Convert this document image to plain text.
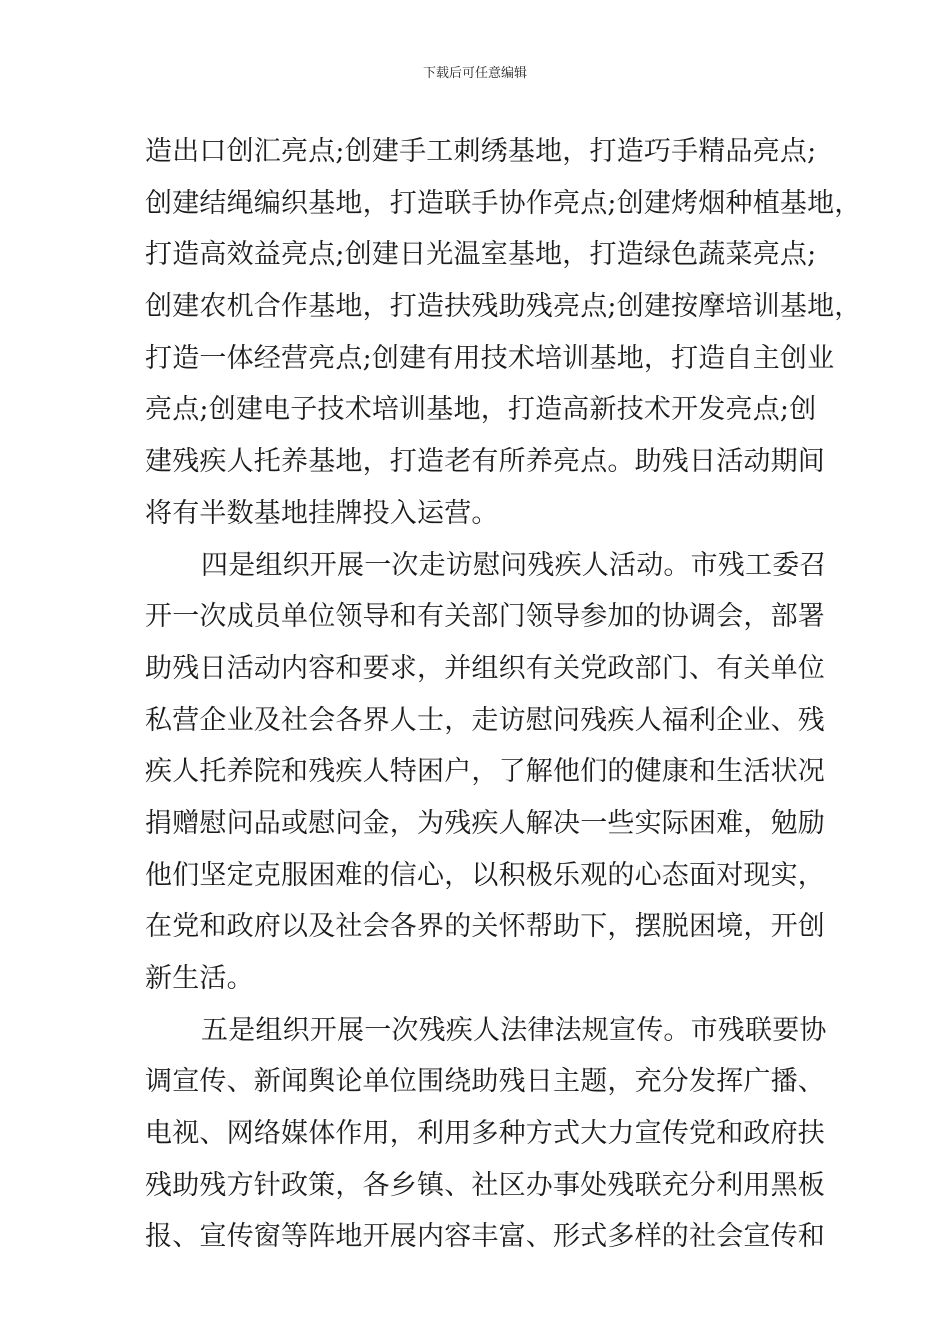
下载后可任意编辑
造出口创汇亮点;创建手工刺绣基地，打造巧手精品亮点;
创建结绳编织基地，打造联手协作亮点;创建烤烟种植基地，
打造高效益亮点;创建日光温室基地，打造绿色蔬菜亮点;
创建农机合作基地，打造扶残助残亮点;创建按摩培训基地，
打造一体经营亮点;创建有用技术培训基地，打造自主创业
亮点;创建电子技术培训基地，打造高新技术开发亮点;创
建残疾人托养基地，打造老有所养亮点。助残日活动期间
将有半数基地挂牌投入运营。
四是组织开展一次走访慰问残疾人活动。市残工委召
开一次成员单位领导和有关部门领导参加的协调会，部署
助残日活动内容和要求，并组织有关党政部门、有关单位
私营企业及社会各界人士，走访慰问残疾人福利企业、残
疾人托养院和残疾人特困户，了解他们的健康和生活状况
捐赠慰问品或慰问金，为残疾人解决一些实际困难，勉励
他们坚定克服困难的信心，以积极乐观的心态面对现实，
在党和政府以及社会各界的关怀帮助下，摆脱困境，开创
新生活。
五是组织开展一次残疾人法律法规宣传。市残联要协
调宣传、新闻舆论单位围绕助残日主题，充分发挥广播、
电视、网络媒体作用，利用多种方式大力宣传党和政府扶
残助残方针政策，各乡镇、社区办事处残联充分利用黑板
报、宣传窗等阵地开展内容丰富、形式多样的社会宣传和
